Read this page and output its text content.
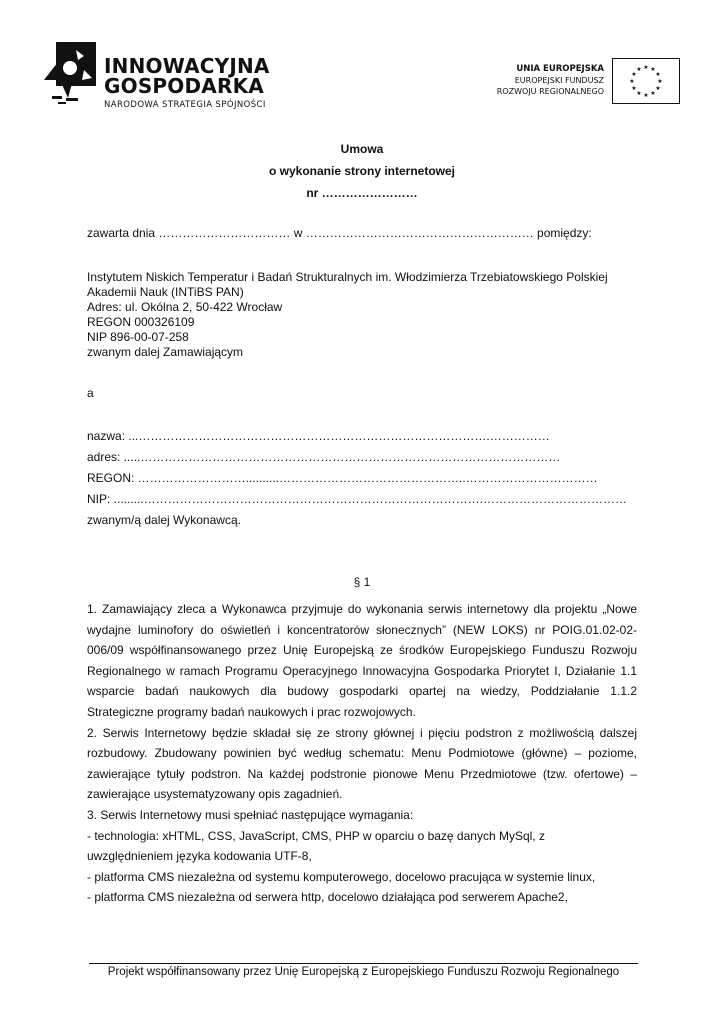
INNOWACYJNA
GOSPODARKA
NARODOWA STRATEGIA SPÓJNOŚCI
UNIA EUROPEJSKA
EUROPEJSKI FUNDUSZ
ROZWOJU REGIONALNEGO
★ ★
★
★
★
★
★
★
★
★
★
★
Umowa
o wykonanie strony internetowej
nr ……………………
zawarta dnia …………………………… w ………………………………………………… pomiędzy:
Instytutem Niskich Temperatur i Badań Strukturalnych im. Włodzimierza Trzebiatowskiego Polskiej
Akademii Nauk (INTiBS PAN)
Adres: ul. Okólna 2, 50-422 Wrocław
REGON 000326109
NIP 896-00-07-258
zwanym dalej Zamawiającym
a
nazwa: ...…………………………………………………………………………….……………
adres: .....……………………………………………………………………………………………
REGON: ………………………..........………………………………………..……………………………
NIP: .........………………………………………………………………………….………………………………
zwanym/ą dalej Wykonawcą.
§ 1
1. Zamawiający zleca a Wykonawca przyjmuje do wykonania serwis internetowy dla projektu „Nowe
wydajne luminofory do oświetleń i koncentratorów słonecznych” (NEW LOKS) nr POIG.01.02-02-
006/09 współfinansowanego przez Unię Europejską ze środków Europejskiego Funduszu Rozwoju
Regionalnego w ramach Programu Operacyjnego Innowacyjna Gospodarka Priorytet I, Działanie 1.1
wsparcie badań naukowych dla budowy gospodarki opartej na wiedzy, Poddziałanie 1.1.2
Strategiczne programy badań naukowych i prac rozwojowych.
2. Serwis Internetowy będzie składał się ze strony głównej i pięciu podstron z możliwością dalszej
rozbudowy. Zbudowany powinien być według schematu: Menu Podmiotowe (główne) – poziome,
zawierające tytuły podstron. Na każdej podstronie pionowe Menu Przedmiotowe (tzw. ofertowe) –
zawierające usystematyzowany opis zagadnień.
3. Serwis Internetowy musi spełniać następujące wymagania:
- technologia: xHTML, CSS, JavaScript, CMS, PHP w oparciu o bazę danych MySql, z
uwzględnieniem języka kodowania UTF-8,
- platforma CMS niezależna od systemu komputerowego, docelowo pracująca w systemie linux,
- platforma CMS niezależna od serwera http, docelowo działająca pod serwerem Apache2,
Projekt współfinansowany przez Unię Europejską z Europejskiego Funduszu Rozwoju Regionalnego
